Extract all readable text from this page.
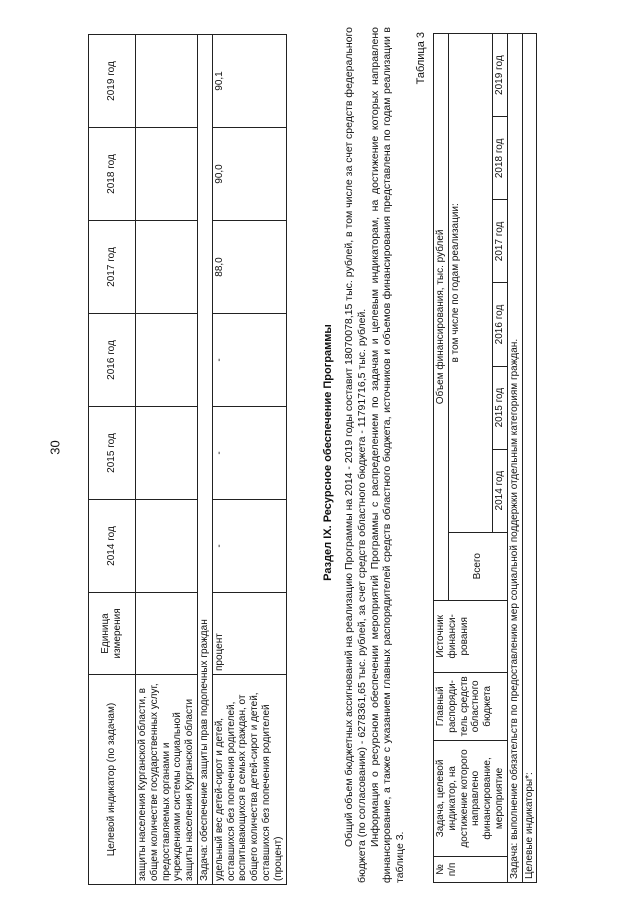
30
Целевой индикатор (по задачам)	Единица измерения	2014 год	2015 год	2016 год	2017 год	2018 год	2019 год
защиты населения Курганской области, в общем количестве государственных услуг, предоставляемых органами и учреждениями системы социальной защиты населения Курганской области							
Задача: обеспечение защиты прав подопечных граждан							
удельный вес детей-сирот и детей, оставшихся без попечения родителей, воспитывающихся в семьях граждан, от общего количества детей-сирот и детей, оставшихся без попечения родителей (процент)	процент	-	-	-	88,0	90,0	90,1
Раздел IX. Ресурсное обеспечение Программы Общий объем бюджетных ассигнований на реализацию Программы на 2014 - 2019 годы составит 18070078,15 тыс. рублей, в том числе за счет средств федерального бюджета (по согласованию) - 6278361,65 тыс. рублей, за счет средств областного бюджета - 11791716,5 тыс. рублей. Информация о ресурсном обеспечении мероприятий Программы с распределением по задачам и целевым индикаторам, на достижение которых направлено финансирование, а также с указанием главных распорядителей средств областного бюджета, источников и объемов финансирования представлена по годам реализации в таблице 3.

Таблица 3
№ п/п	Задача, целевой индикатор, на достижение которого направлено финансирование, мероприятие	Главный распоряди-тель средств областного бюджета	Источник финанси-рования	Объем финансирования, тыс. рублей						
				Всего	в том числе по годам реализации:					
					2014 год	2015 год	2016 год	2017 год	2018 год	2019 год
Задача: выполнение обязательств по предоставлению мер социальной поддержки отдельным категориям граждан.										
Целевые индикаторы*:										
